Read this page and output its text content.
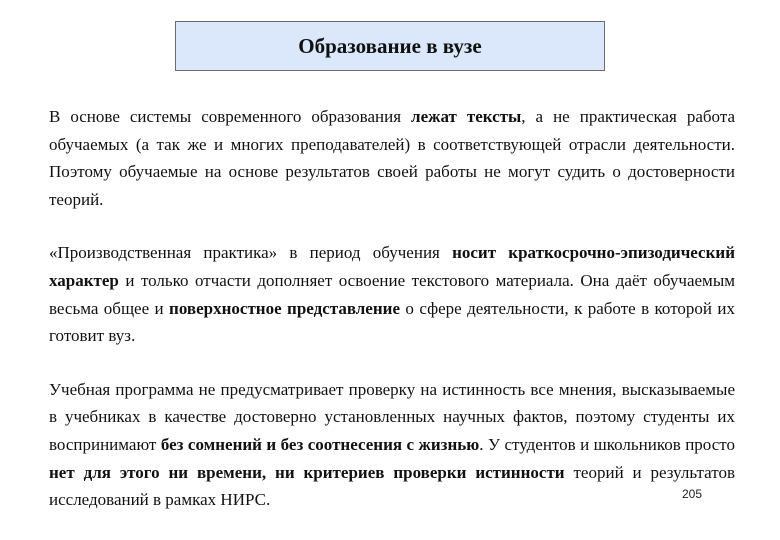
Образование в вузе

В основе системы современного образования лежат тексты, а не практическая работа обучаемых (а так же и многих преподавателей) в соответствующей отрасли деятельности. Поэтому обучаемые на основе результатов своей работы не могут судить о достоверности теорий.

«Производственная практика» в период обучения носит краткосрочно-эпизодический характер и только отчасти дополняет освоение текстового материала. Она даёт обучаемым весьма общее и поверхностное представление о сфере деятельности, к работе в которой их готовит вуз.

Учебная программа не предусматривает проверку на истинность все мнения, высказываемые в учебниках в качестве достоверно установленных научных фактов, поэтому студенты их воспринимают без сомнений и без соотнесения с жизнью. У студентов и школьников просто нет для этого ни времени, ни критериев проверки истинности теорий и результатов исследований в рамках НИРС.	205
